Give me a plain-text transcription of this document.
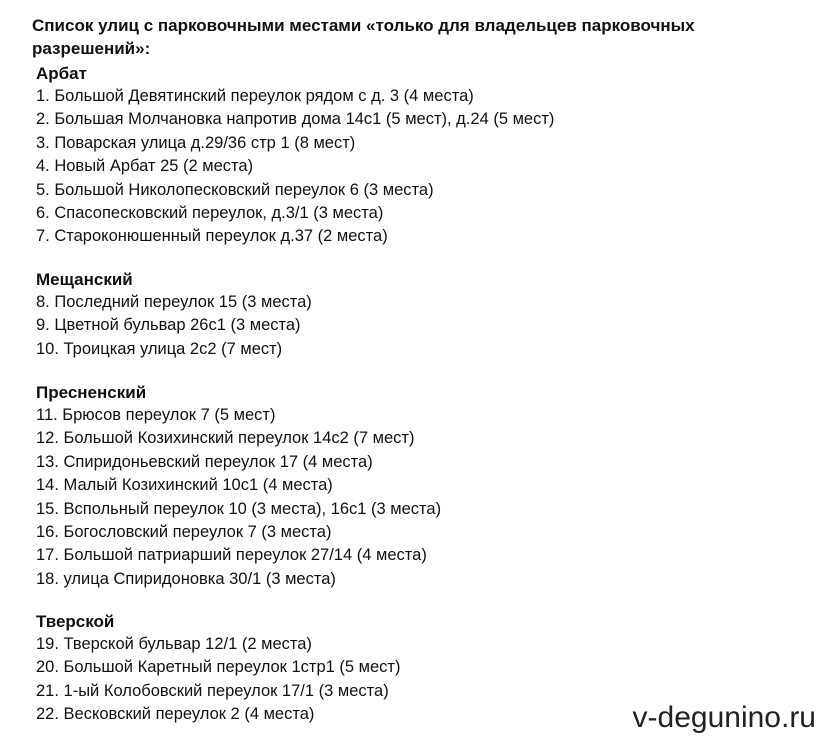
Список улиц с парковочными местами «только для владельцев парковочных разрешений»:
Арбат
1. Большой Девятинский переулок рядом с д. 3 (4 места)
2. Большая Молчановка напротив дома 14с1 (5 мест), д.24 (5 мест)
3. Поварская улица д.29/36 стр 1 (8 мест)
4. Новый Арбат 25 (2 места)
5. Большой Николопесковский переулок 6 (3 места)
6. Спасопесковский переулок, д.3/1 (3 места)
7. Староконюшенный переулок д.37 (2 места)
Мещанский
8. Последний переулок 15 (3 места)
9. Цветной бульвар 26с1 (3 места)
10. Троицкая улица 2с2 (7 мест)
Пресненский
11. Брюсов переулок 7 (5 мест)
12. Большой Козихинский переулок 14с2 (7 мест)
13. Спиридоньевский переулок 17 (4 места)
14. Малый Козихинский 10с1 (4 места)
15. Вспольный переулок 10 (3 места), 16с1 (3 места)
16. Богословский переулок 7 (3 места)
17. Большой патриарший переулок 27/14 (4 места)
18. улица Спиридоновка 30/1 (3 места)
Тверской
19. Тверской бульвар 12/1 (2 места)
20. Большой Каретный переулок 1стр1 (5 мест)
21. 1-ый Колобовский переулок 17/1 (3 места)
22. Весковский переулок 2 (4 места)	v-degunino.ru
